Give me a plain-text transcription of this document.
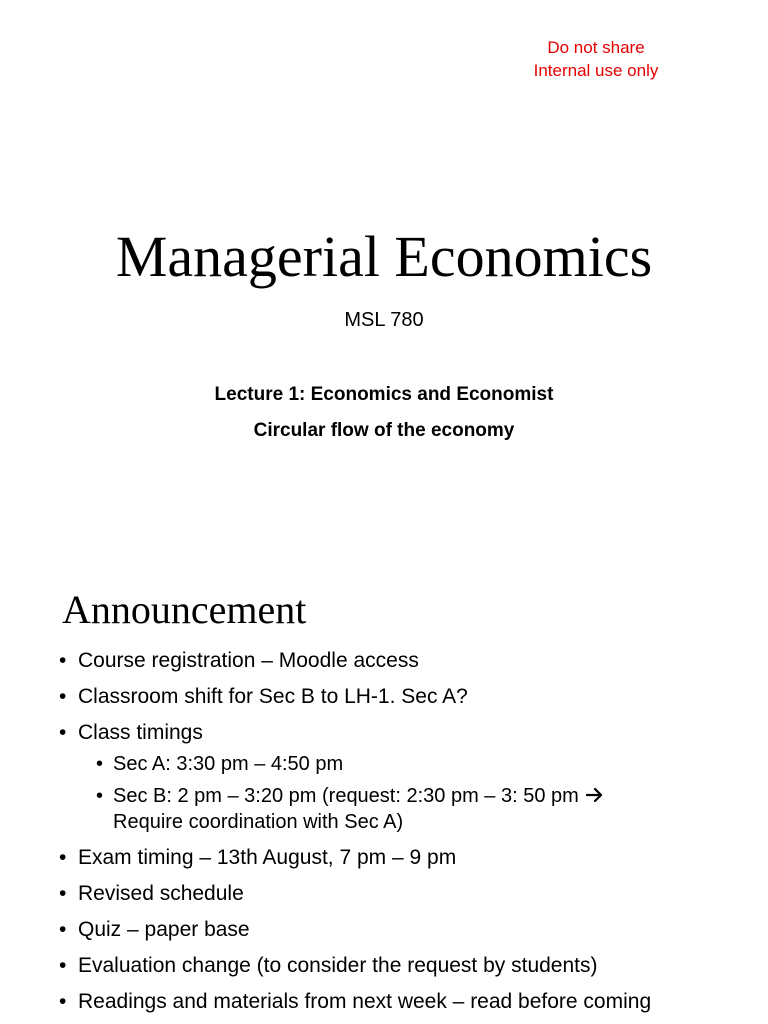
Do not share
Internal use only
Managerial Economics
MSL 780
Lecture 1: Economics and Economist
Circular flow of the economy
Announcement
• Course registration – Moodle access
• Classroom shift for Sec B to LH-1. Sec A?
• Class timings
• Sec A: 3:30 pm – 4:50 pm
• Sec B: 2 pm – 3:20 pm (request: 2:30 pm – 3: 50 pm
Require coordination with Sec A)
• Exam timing – 13th August, 7 pm – 9 pm
• Revised schedule
• Quiz – paper base
• Evaluation change (to consider the request by students)
• Readings and materials from next week – read before coming
